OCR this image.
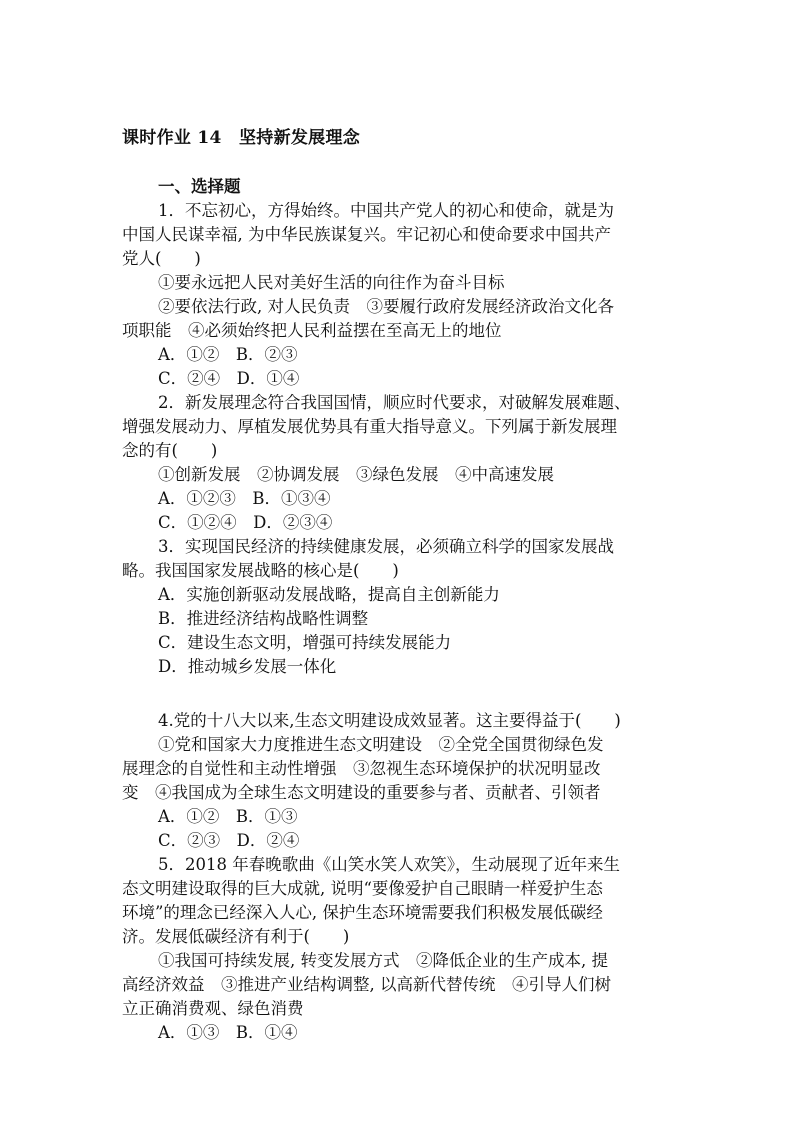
课时作业 14　坚持新发展理念
一、选择题
1．不忘初心，方得始终。中国共产党人的初心和使命，就是为
中国人民谋幸福, 为中华民族谋复兴。牢记初心和使命要求中国共产
党人(　　)
①要永远把人民对美好生活的向往作为奋斗目标
②要依法行政, 对人民负责　③要履行政府发展经济政治文化各
项职能　④必须始终把人民利益摆在至高无上的地位
A．①②　B．②③
C．②④　D．①④
2．新发展理念符合我国国情，顺应时代要求，对破解发展难题、
增强发展动力、厚植发展优势具有重大指导意义。下列属于新发展理
念的有(　　)
①创新发展　②协调发展　③绿色发展　④中高速发展
A．①②③　B．①③④
C．①②④　D．②③④
3．实现国民经济的持续健康发展，必须确立科学的国家发展战
略。我国国家发展战略的核心是(　　)
A．实施创新驱动发展战略，提高自主创新能力
B．推进经济结构战略性调整
C．建设生态文明，增强可持续发展能力
D．推动城乡发展一体化
4.党的十八大以来,生态文明建设成效显著。这主要得益于(　　)
①党和国家大力度推进生态文明建设　②全党全国贯彻绿色发
展理念的自觉性和主动性增强　③忽视生态环境保护的状况明显改
变　④我国成为全球生态文明建设的重要参与者、贡献者、引领者
A．①②　B．①③
C．②③　D．②④
5．2018 年春晚歌曲《山笑水笑人欢笑》，生动展现了近年来生
态文明建设取得的巨大成就, 说明“要像爱护自己眼睛一样爱护生态
环境”的理念已经深入人心, 保护生态环境需要我们积极发展低碳经
济。发展低碳经济有利于(　　)
①我国可持续发展, 转变发展方式　②降低企业的生产成本, 提
高经济效益　③推进产业结构调整, 以高新代替传统　④引导人们树
立正确消费观、绿色消费
A．①③　B．①④
